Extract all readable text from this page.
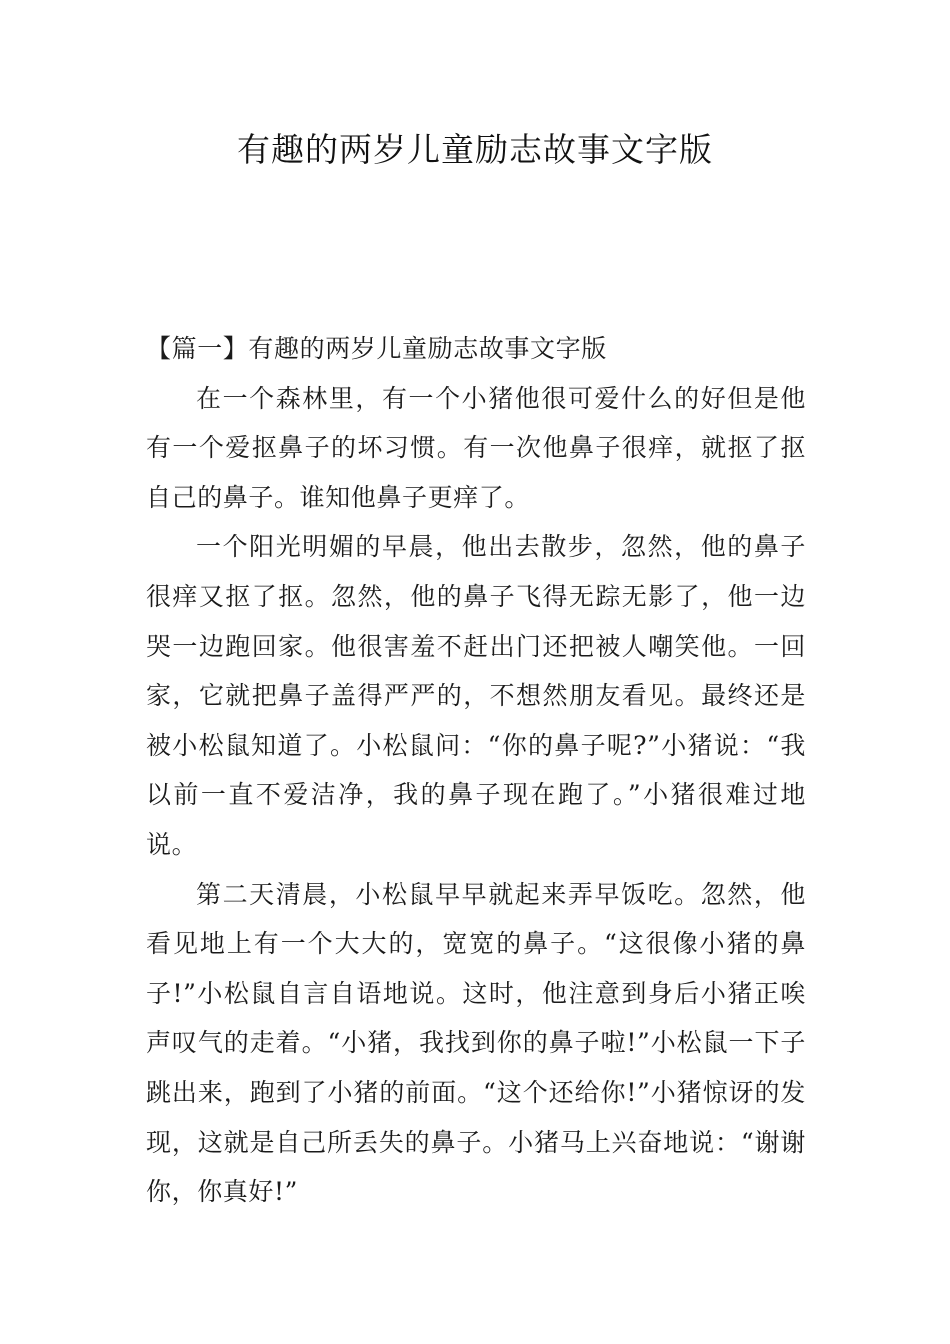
有趣的两岁儿童励志故事文字版

【篇一】有趣的两岁儿童励志故事文字版

在一个森林里，有一个小猪他很可爱什么的好但是他有一个爱抠鼻子的坏习惯。有一次他鼻子很痒，就抠了抠自己的鼻子。谁知他鼻子更痒了。

一个阳光明媚的早晨，他出去散步，忽然，他的鼻子很痒又抠了抠。忽然，他的鼻子飞得无踪无影了，他一边哭一边跑回家。他很害羞不赶出门还把被人嘲笑他。一回家，它就把鼻子盖得严严的，不想然朋友看见。最终还是被小松鼠知道了。小松鼠问：“你的鼻子呢?”小猪说：“我以前一直不爱洁净，我的鼻子现在跑了。”小猪很难过地说。

第二天清晨，小松鼠早早就起来弄早饭吃。忽然，他看见地上有一个大大的，宽宽的鼻子。“这很像小猪的鼻子!”小松鼠自言自语地说。这时，他注意到身后小猪正唉声叹气的走着。“小猪，我找到你的鼻子啦!”小松鼠一下子跳出来，跑到了小猪的前面。“这个还给你!”小猪惊讶的发现，这就是自己所丢失的鼻子。小猪马上兴奋地说：“谢谢你，你真好!”
